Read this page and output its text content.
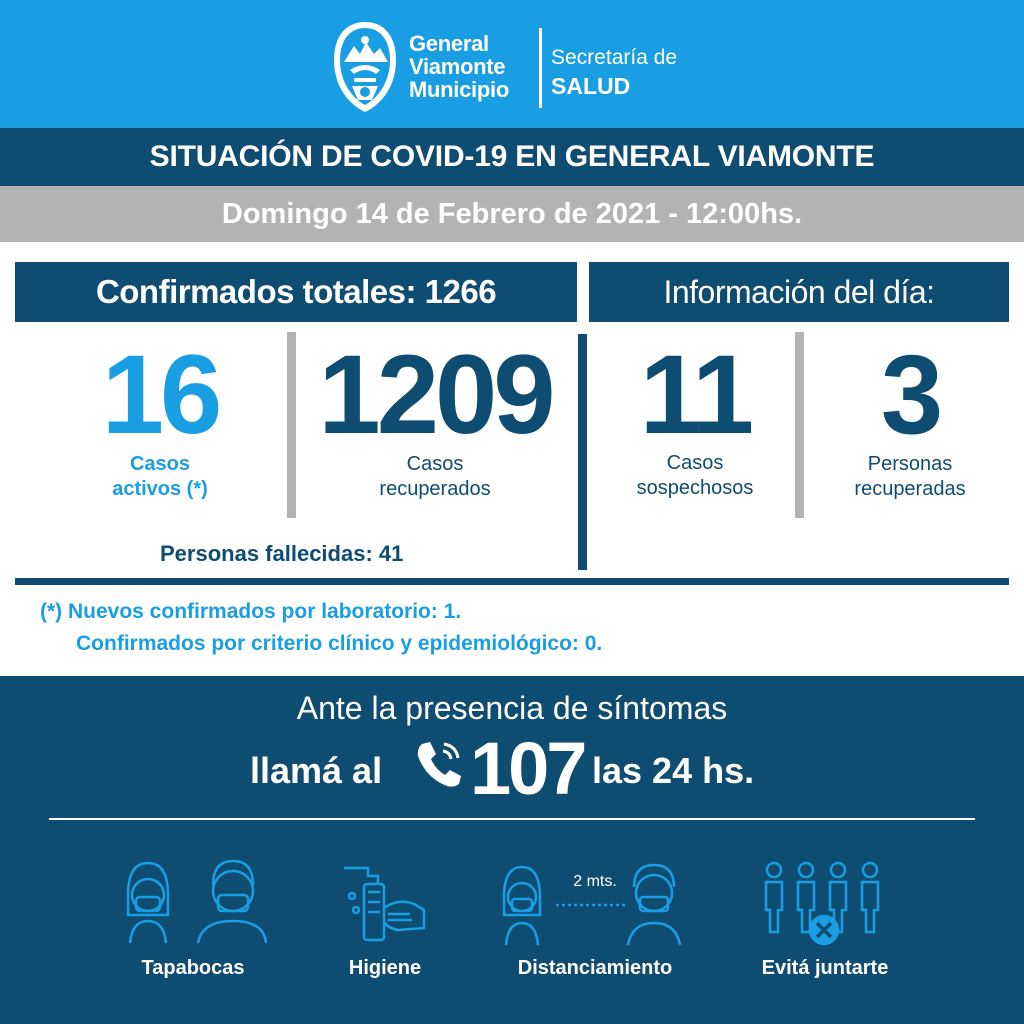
General
Viamonte
Municipio
Secretaría de
SALUD
SITUACIÓN DE COVID-19 EN GENERAL VIAMONTE
Domingo 14 de Febrero de 2021 - 12:00hs.
Confirmados totales: 1266	Información del día:
16
Casos
activos (*)
1209
Casos
recuperados
11
Casos
sospechosos
3
Personas
recuperadas
Personas fallecidas: 41
(*) Nuevos confirmados por laboratorio: 1.
Confirmados por criterio clínico y epidemiológico: 0.
Ante la presencia de síntomas
llamá al 107 las 24 hs.
Tapabocas	Higiene
2 mts.
Distanciamiento	Evitá juntarte
